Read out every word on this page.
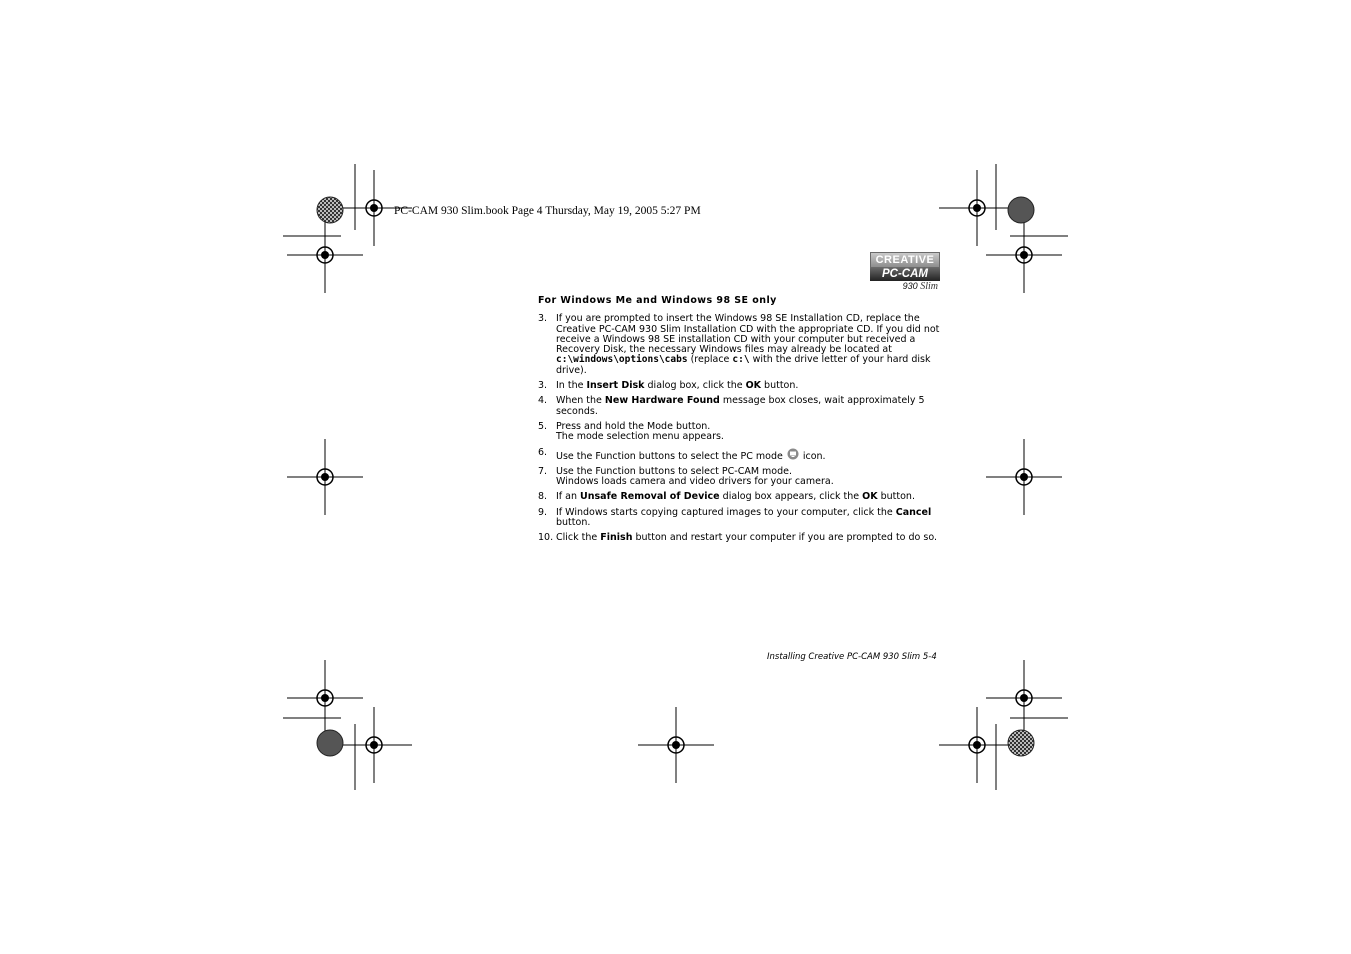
PC-CAM 930 Slim.book Page 4 Thursday, May 19, 2005 5:27 PM
CREATIVE
PC-CAM
930 Slim
For Windows Me and Windows 98 SE only
3. If you are prompted to insert the Windows 98 SE Installation CD, replace the Creative PC-CAM 930 Slim Installation CD with the appropriate CD. If you did not receive a Windows 98 SE installation CD with your computer but received a Recovery Disk, the necessary Windows files may already be located at c:\windows\options\cabs (replace c:\ with the drive letter of your hard disk drive).
3. In the Insert Disk dialog box, click the OK button.
4. When the New Hardware Found message box closes, wait approximately 5 seconds.
5. Press and hold the Mode button.
The mode selection menu appears.
6. Use the Function buttons to select the PC mode icon.
7. Use the Function buttons to select PC-CAM mode.
Windows loads camera and video drivers for your camera.
8. If an Unsafe Removal of Device dialog box appears, click the OK button.
9. If Windows starts copying captured images to your computer, click the Cancel button.
10. Click the Finish button and restart your computer if you are prompted to do so.
Installing Creative PC-CAM 930 Slim 5-4
